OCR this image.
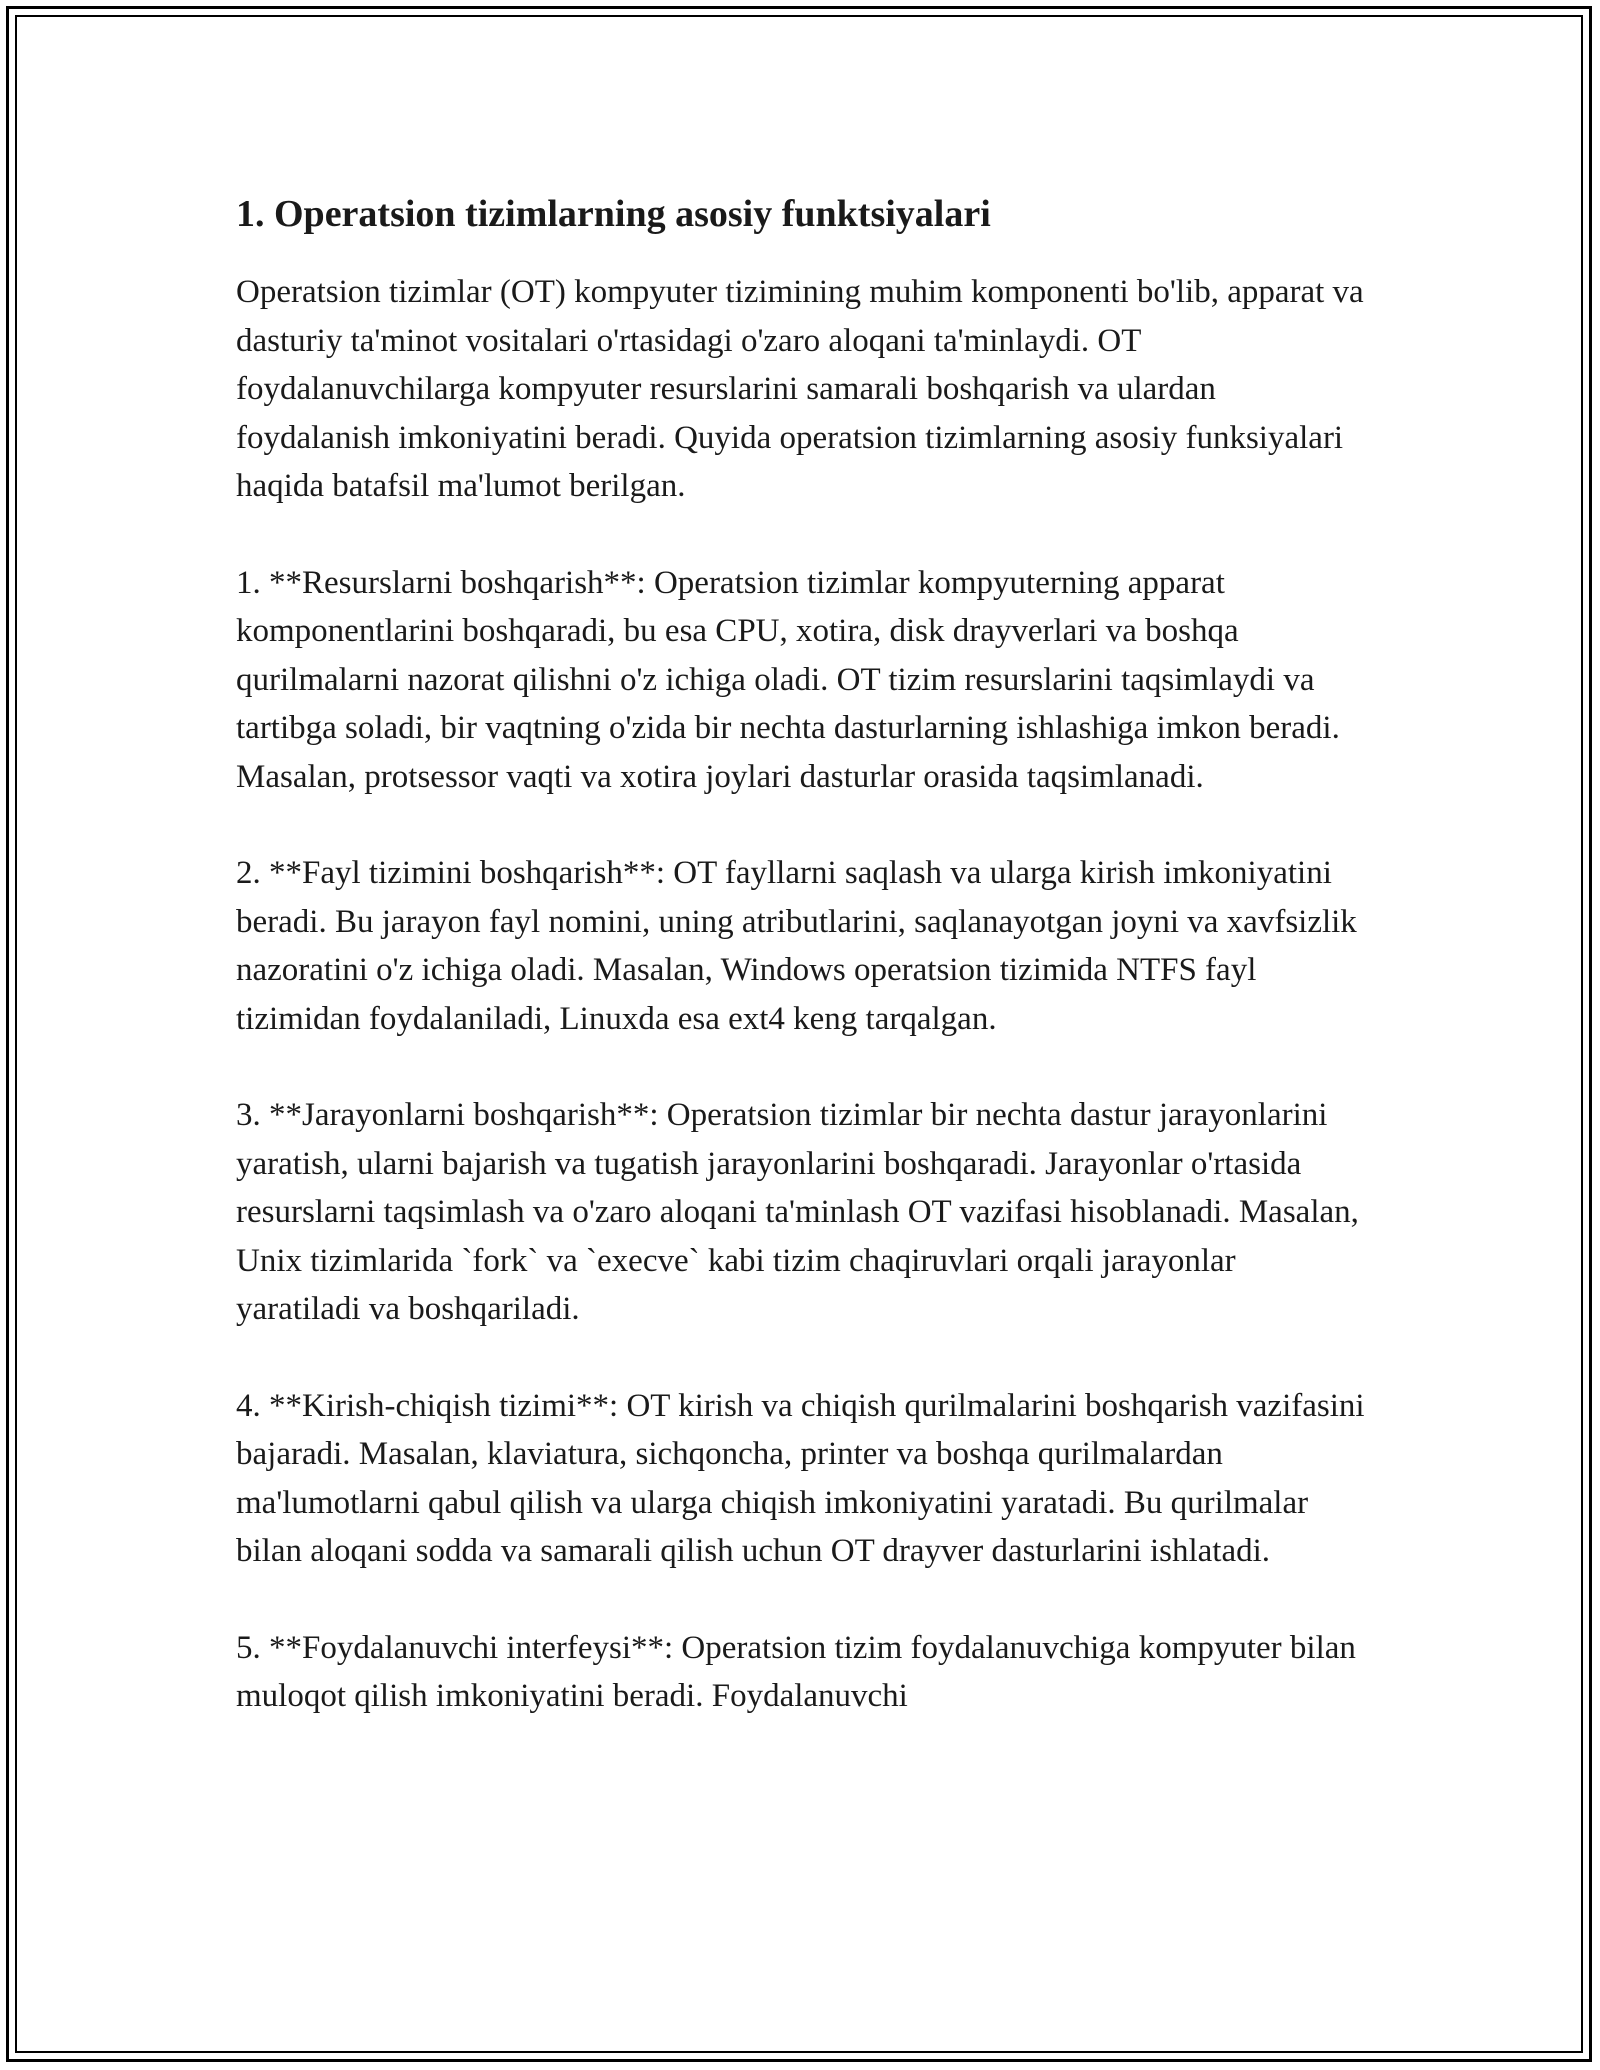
1. Operatsion tizimlarning asosiy funktsiyalari

Operatsion tizimlar (OT) kompyuter tizimining muhim komponenti bo'lib, apparat va dasturiy ta'minot vositalari o'rtasidagi o'zaro aloqani ta'minlaydi. OT foydalanuvchilarga kompyuter resurslarini samarali boshqarish va ulardan foydalanish imkoniyatini beradi. Quyida operatsion tizimlarning asosiy funksiyalari haqida batafsil ma'lumot berilgan.

1. **Resurslarni boshqarish**: Operatsion tizimlar kompyuterning apparat komponentlarini boshqaradi, bu esa CPU, xotira, disk drayverlari va boshqa qurilmalarni nazorat qilishni o'z ichiga oladi. OT tizim resurslarini taqsimlaydi va tartibga soladi, bir vaqtning o'zida bir nechta dasturlarning ishlashiga imkon beradi. Masalan, protsessor vaqti va xotira joylari dasturlar orasida taqsimlanadi.

2. **Fayl tizimini boshqarish**: OT fayllarni saqlash va ularga kirish imkoniyatini beradi. Bu jarayon fayl nomini, uning atributlarini, saqlanayotgan joyni va xavfsizlik nazoratini o'z ichiga oladi. Masalan, Windows operatsion tizimida NTFS fayl tizimidan foydalaniladi, Linuxda esa ext4 keng tarqalgan.

3. **Jarayonlarni boshqarish**: Operatsion tizimlar bir nechta dastur jarayonlarini yaratish, ularni bajarish va tugatish jarayonlarini boshqaradi. Jarayonlar o'rtasida resurslarni taqsimlash va o'zaro aloqani ta'minlash OT vazifasi hisoblanadi. Masalan, Unix tizimlarida `fork` va `execve` kabi tizim chaqiruvlari orqali jarayonlar yaratiladi va boshqariladi.

4. **Kirish-chiqish tizimi**: OT kirish va chiqish qurilmalarini boshqarish vazifasini bajaradi. Masalan, klaviatura, sichqoncha, printer va boshqa qurilmalardan ma'lumotlarni qabul qilish va ularga chiqish imkoniyatini yaratadi. Bu qurilmalar bilan aloqani sodda va samarali qilish uchun OT drayver dasturlarini ishlatadi.

5. **Foydalanuvchi interfeysi**: Operatsion tizim foydalanuvchiga kompyuter bilan muloqot qilish imkoniyatini beradi. Foydalanuvchi
